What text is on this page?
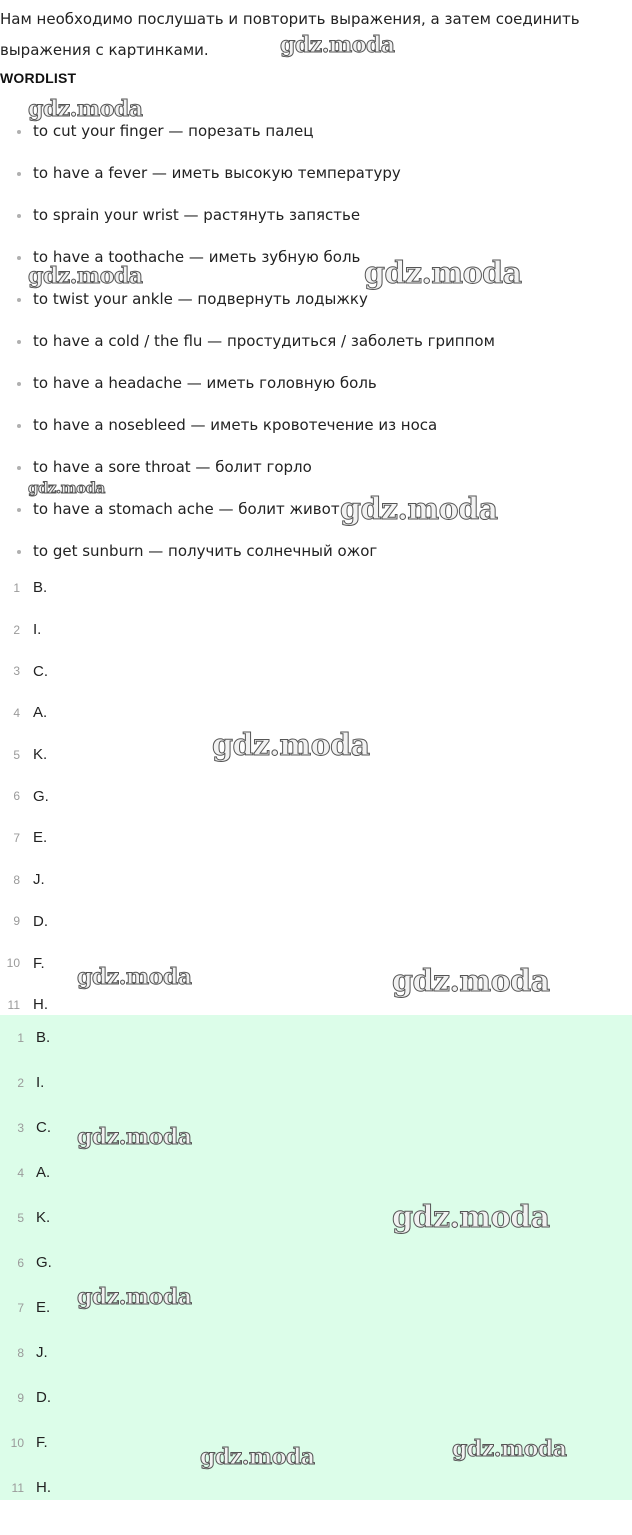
Нам необходимо послушать и повторить выражения, а затем соединить выражения с картинками.
WORDLIST
to cut your finger — порезать палец
to have a fever — иметь высокую температуру
to sprain your wrist — растянуть запястье
to have a toothache — иметь зубную боль
to twist your ankle — подвернуть лодыжку
to have a cold / the flu — простудиться / заболеть гриппом
to have a headache — иметь головную боль
to have a nosebleed — иметь кровотечение из носа
to have a sore throat — болит горло
to have a stomach ache — болит живот
to get sunburn — получить солнечный ожог
1 B.
2 I.
3 C.
4 A.
5 K.
6 G.
7 E.
8 J.
9 D.
10 F.
11 H.
1 B.
2 I.
3 C.
4 A.
5 K.
6 G.
7 E.
8 J.
9 D.
10 F.
11 H.
gdz.moda
gdz.moda
gdz.moda	gdz.moda
gdz.moda
gdz.moda
gdz.moda
gdz.moda	gdz.moda
gdz.moda
gdz.moda
gdz.moda
gdz.moda	gdz.moda
